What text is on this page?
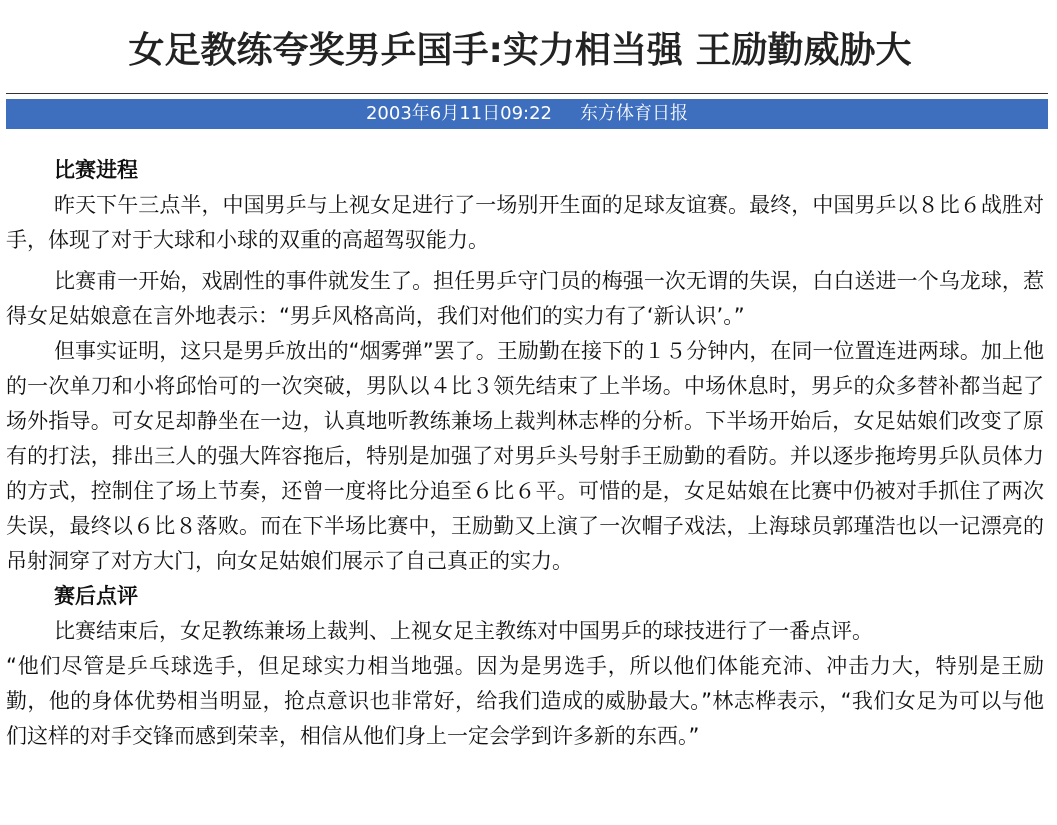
女足教练夸奖男乒国手:实力相当强 王励勤威胁大
2003年6月11日09:22 东方体育日报

比赛进程

昨天下午三点半，中国男乒与上视女足进行了一场别开生面的足球友谊赛。最终，中国男乒以８比６战胜对手，体现了对于大球和小球的双重的高超驾驭能力。

比赛甫一开始，戏剧性的事件就发生了。担任男乒守门员的梅强一次无谓的失误，白白送进一个乌龙球，惹得女足姑娘意在言外地表示：“男乒风格高尚，我们对他们的实力有了‘新认识’。”

但事实证明，这只是男乒放出的“烟雾弹”罢了。王励勤在接下的１５分钟内，在同一位置连进两球。加上他的一次单刀和小将邱怡可的一次突破，男队以４比３领先结束了上半场。中场休息时，男乒的众多替补都当起了场外指导。可女足却静坐在一边，认真地听教练兼场上裁判林志桦的分析。下半场开始后，女足姑娘们改变了原有的打法，排出三人的强大阵容拖后，特别是加强了对男乒头号射手王励勤的看防。并以逐步拖垮男乒队员体力的方式，控制住了场上节奏，还曾一度将比分追至６比６平。可惜的是，女足姑娘在比赛中仍被对手抓住了两次失误，最终以６比８落败。而在下半场比赛中，王励勤又上演了一次帽子戏法，上海球员郭瑾浩也以一记漂亮的吊射洞穿了对方大门，向女足姑娘们展示了自己真正的实力。

赛后点评

比赛结束后，女足教练兼场上裁判、上视女足主教练对中国男乒的球技进行了一番点评。

“他们尽管是乒乓球选手，但足球实力相当地强。因为是男选手，所以他们体能充沛、冲击力大，特别是王励勤，他的身体优势相当明显，抢点意识也非常好，给我们造成的威胁最大。”林志桦表示，“我们女足为可以与他们这样的对手交锋而感到荣幸，相信从他们身上一定会学到许多新的东西。”
